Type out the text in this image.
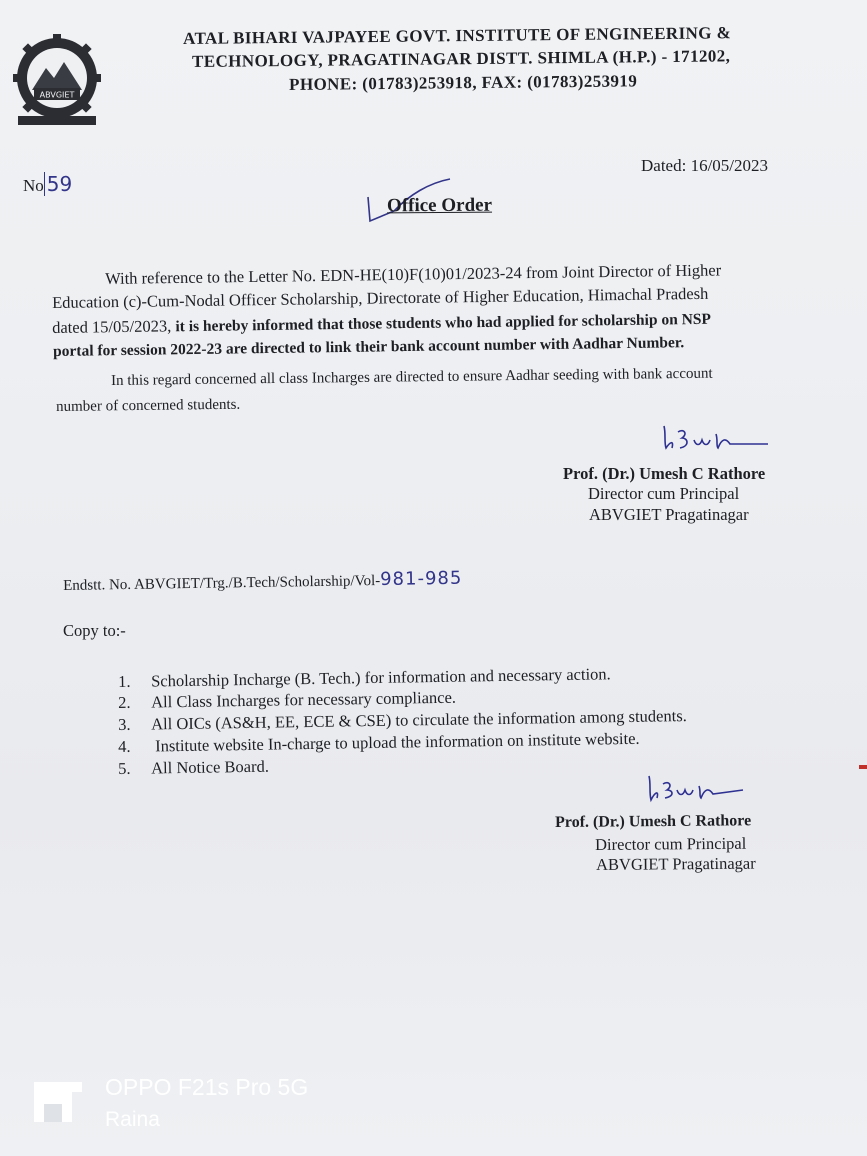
ABVGIET
ATAL BIHARI VAJPAYEE GOVT. INSTITUTE OF ENGINEERING &
TECHNOLOGY, PRAGATINAGAR DISTT. SHIMLA (H.P.) - 171202,
PHONE: (01783)253918, FAX: (01783)253919
No 59
Dated: 16/05/2023
Office Order
With reference to the Letter No. EDN-HE(10)F(10)01/2023-24 from Joint Director of Higher
Education (c)-Cum-Nodal Officer Scholarship, Directorate of Higher Education, Himachal Pradesh
dated 15/05/2023, it is hereby informed that those students who had applied for scholarship on NSP
portal for session 2022-23 are directed to link their bank account number with Aadhar Number.
In this regard concerned all class Incharges are directed to ensure Aadhar seeding with bank account
number of concerned students.
Prof. (Dr.) Umesh C Rathore
Director cum Principal
ABVGIET Pragatinagar
Endstt. No. ABVGIET/Trg./B.Tech/Scholarship/Vol-981-985
Copy to:-
1. Scholarship Incharge (B. Tech.) for information and necessary action.
2. All Class Incharges for necessary compliance.
3. All OICs (AS&H, EE, ECE & CSE) to circulate the information among students.
4. Institute website In-charge to upload the information on institute website.
5. All Notice Board.
Prof. (Dr.) Umesh C Rathore
Director cum Principal
ABVGIET Pragatinagar
OPPO F21s Pro 5G
Raina
